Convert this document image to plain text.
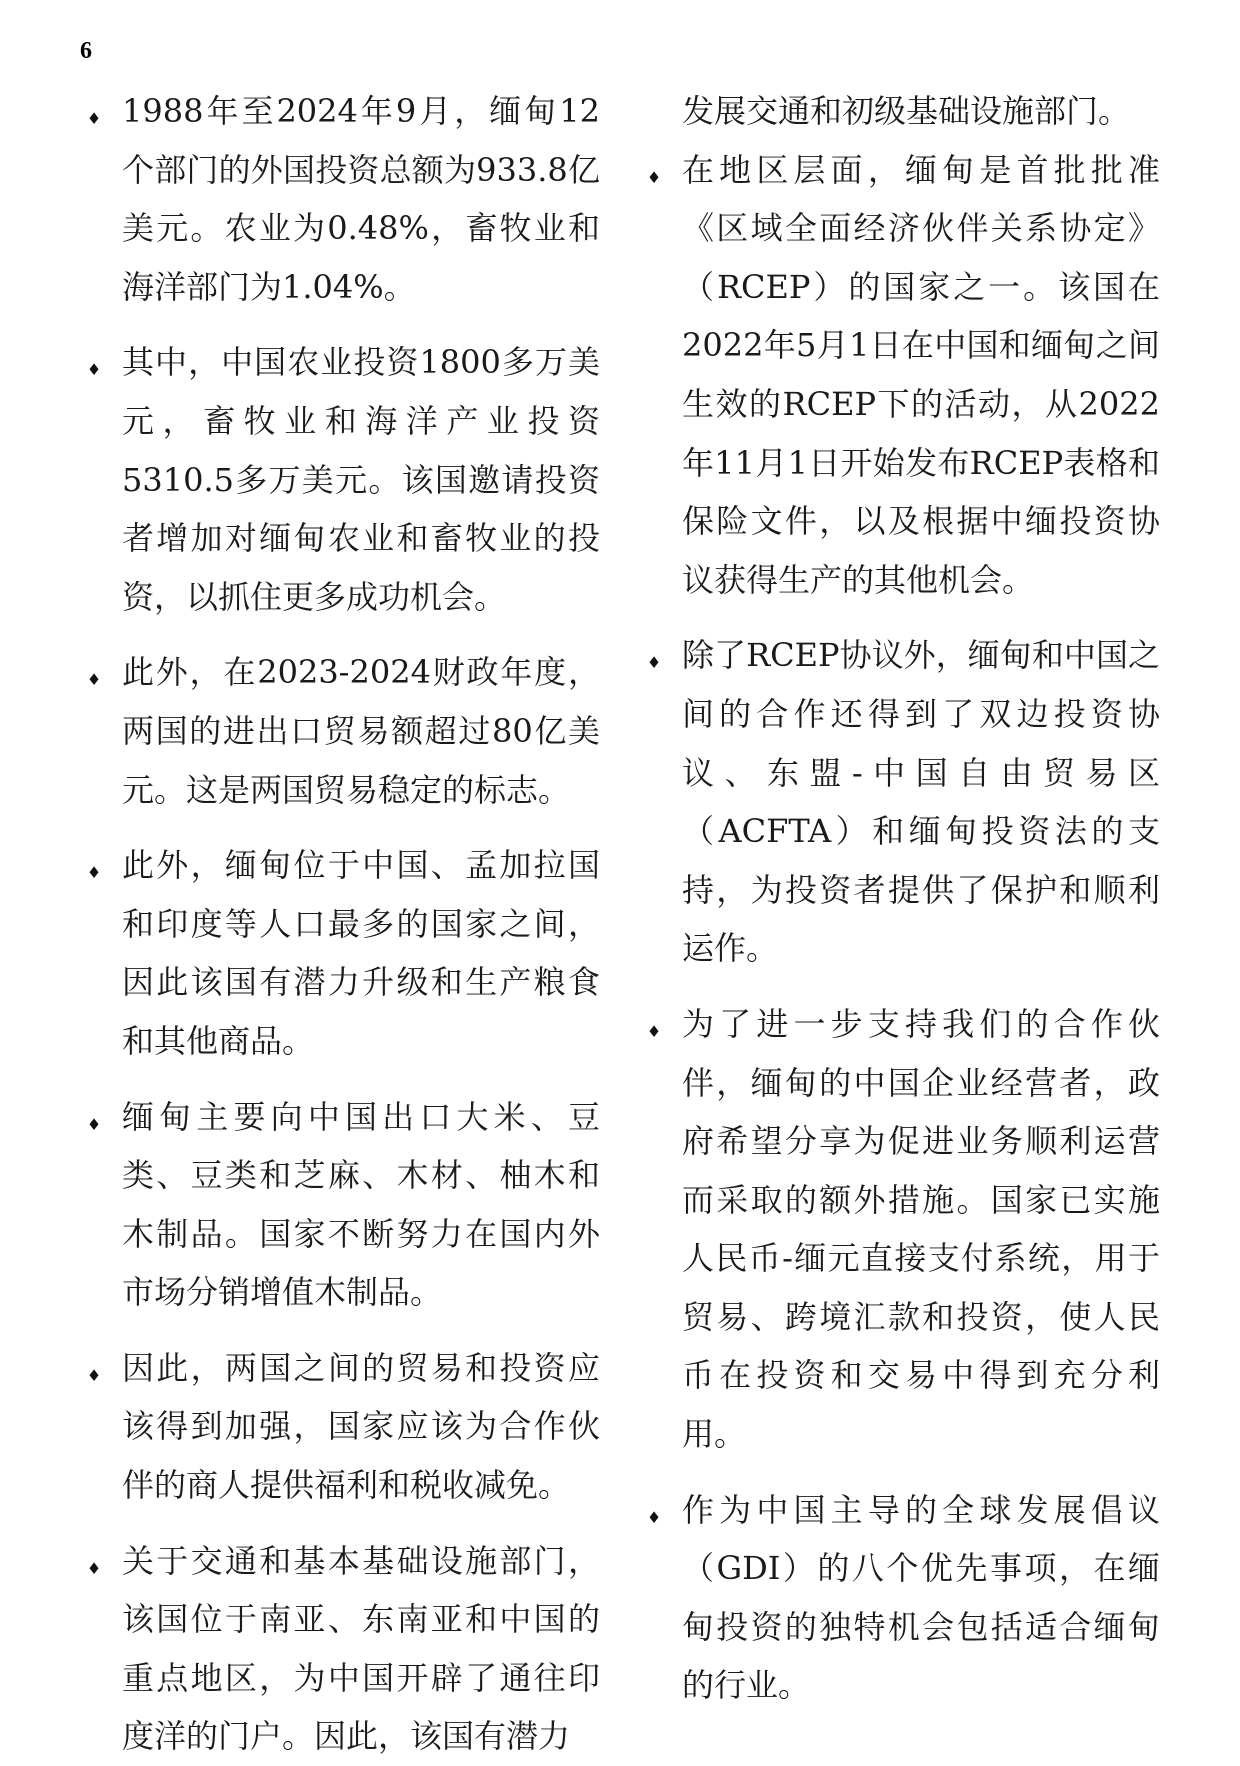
6
♦
1988年至2024年9月，缅甸12个部门的外国投资总额为933.8亿美元。农业为0.48%，畜牧业和海洋部门为1.04%。
♦
其中，中国农业投资1800多万美元，畜牧业和海洋产业投资5310.5多万美元。该国邀请投资者增加对缅甸农业和畜牧业的投资，以抓住更多成功机会。
♦
此外，在2023-2024财政年度，两国的进出口贸易额超过80亿美元。这是两国贸易稳定的标志。
♦
此外，缅甸位于中国、孟加拉国和印度等人口最多的国家之间，因此该国有潜力升级和生产粮食和其他商品。
♦
缅甸主要向中国出口大米、豆类、豆类和芝麻、木材、柚木和木制品。国家不断努力在国内外市场分销增值木制品。
♦
因此，两国之间的贸易和投资应该得到加强，国家应该为合作伙伴的商人提供福利和税收减免。
♦
关于交通和基本基础设施部门，该国位于南亚、东南亚和中国的重点地区，为中国开辟了通往印度洋的门户。因此，该国有潜力
发展交通和初级基础设施部门。
♦
在地区层面，缅甸是首批批准《区域全面经济伙伴关系协定》（RCEP）的国家之一。该国在2022年5月1日在中国和缅甸之间生效的RCEP下的活动，从2022年11月1日开始发布RCEP表格和保险文件，以及根据中缅投资协议获得生产的其他机会。
♦
除了RCEP协议外，缅甸和中国之间的合作还得到了双边投资协议、东盟-中国自由贸易区（ACFTA）和缅甸投资法的支持，为投资者提供了保护和顺利运作。
♦
为了进一步支持我们的合作伙伴，缅甸的中国企业经营者，政府希望分享为促进业务顺利运营而采取的额外措施。国家已实施人民币-缅元直接支付系统，用于贸易、跨境汇款和投资，使人民币在投资和交易中得到充分利用。
♦
作为中国主导的全球发展倡议（GDI）的八个优先事项，在缅甸投资的独特机会包括适合缅甸的行业。
